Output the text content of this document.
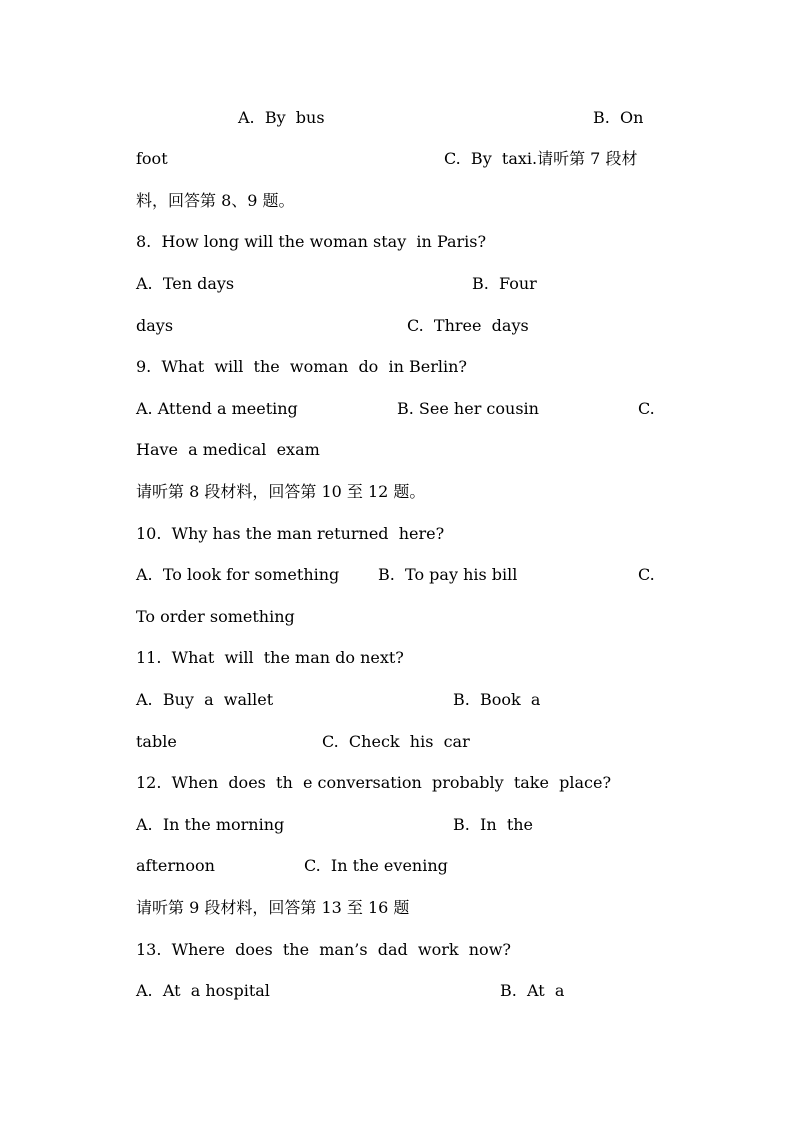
A.  By  bus	B.  On
foot	C.  By  taxi.请听第 7 段材
料，回答第 8、9 题。
8.  How long will the woman stay  in Paris?
A.  Ten days	B.  Four
days	C.  Three  days
9.  What  will  the  woman  do  in Berlin?
A. Attend a meeting	B. See her cousin	C.
Have  a medical  exam
请听第 8 段材料，回答第 10 至 12 题。
10.  Why has the man returned  here?
A.  To look for something B.  To pay his bill	C.
To order something
11.  What  will  the man do next?
A.  Buy  a  wallet	B.  Book  a
table	C.  Check  his  car
12.  When  does  th  e conversation  probably  take  place?
A.  In the morning	B.  In  the
afternoon	C.  In the evening
请听第 9 段材料，回答第 13 至 16 题
13.  Where  does  the  man’s  dad  work  now?
A.  At  a hospital	B.  At  a
